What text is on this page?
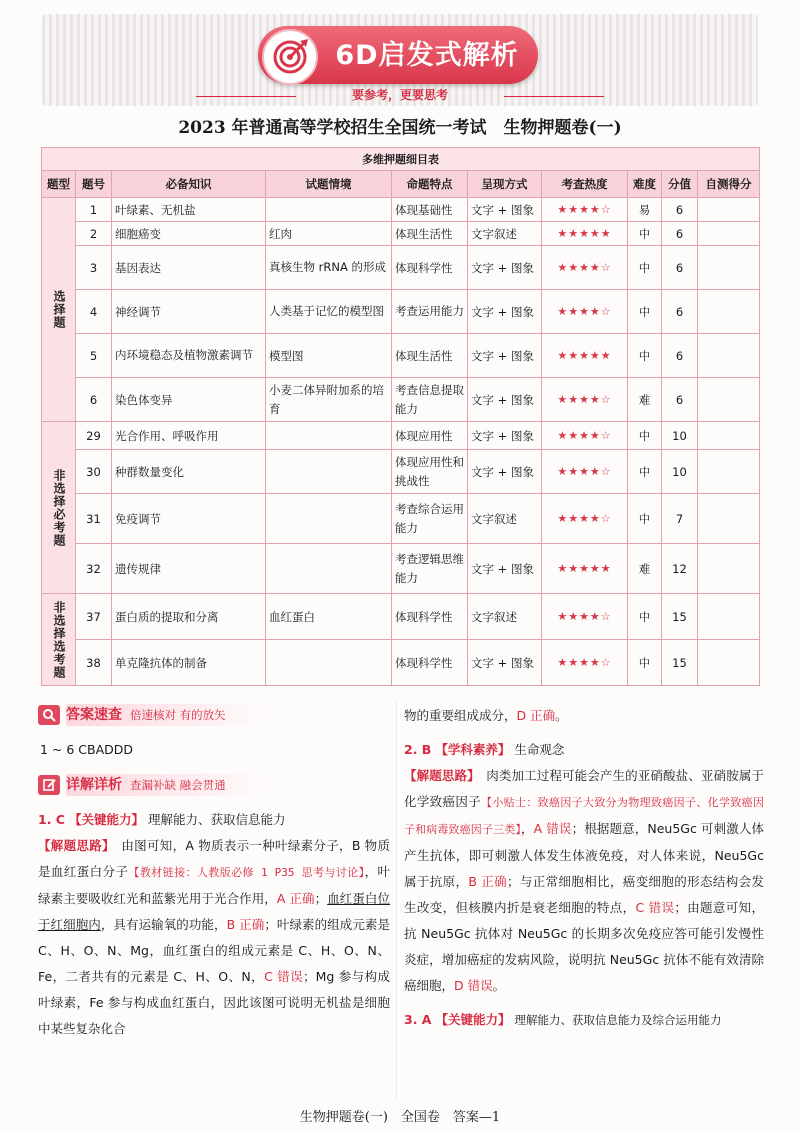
6D启发式解析
要参考，更要思考
2023 年普通高等学校招生全国统一考试　生物押题卷(一)
多维押题细目表									
题型	题号	必备知识	试题情境	命题特点	呈现方式	考查热度	难度	分值	自测得分

选择题	1	叶绿素、无机盐		体现基础性	文字 + 图象	★★★★☆	易	6	
	2	细胞癌变	红肉	体现生活性	文字叙述	★★★★★	中	6	
	3	基因表达	真核生物 rRNA 的形成	体现科学性	文字 + 图象	★★★★☆	中	6	
	4	神经调节	人类基于记忆的模型图	考查运用能力	文字 + 图象	★★★★☆	中	6	
	5	内环境稳态及植物激素调节	模型图	体现生活性	文字 + 图象	★★★★★	中	6	
	6	染色体变异	小麦二体异附加系的培育	考查信息提取能力	文字 + 图象	★★★★☆	难	6	

非选择必考题	29	光合作用、呼吸作用		体现应用性	文字 + 图象	★★★★☆	中	10	
	30	种群数量变化		体现应用性和挑战性	文字 + 图象	★★★★☆	中	10	
	31	免疫调节		考查综合运用能力	文字叙述	★★★★☆	中	7	
	32	遗传规律		考查逻辑思维能力	文字 + 图象	★★★★★	难	12	

非选择选考题	37	蛋白质的提取和分离	血红蛋白	体现科学性	文字叙述	★★★★☆	中	15	
	38	单克隆抗体的制备		体现科学性	文字 + 图象	★★★★☆	中	15	
答案速查 倍速核对 有的放矢
1 ~ 6 CBADDD
详解详析 查漏补缺 融会贯通
1. C 【关键能力】 理解能力、获取信息能力
【解题思路】　 由图可知，A 物质表示一种叶绿素分子，B 物质是血红蛋白分子【教材链接：人教版必修 1 P35 思考与讨论】，叶绿素主要吸收红光和蓝紫光用于光合作用，A 正确；血红蛋白位于红细胞内，具有运输氧的功能，B 正确；叶绿素的组成元素是 C、H、O、N、Mg，血红蛋白的组成元素是 C、H、O、N、Fe，二者共有的元素是 C、H、O、N，C 错误；Mg 参与构成叶绿素，Fe 参与构成血红蛋白，因此该图可说明无机盐是细胞中某些复杂化合
物的重要组成成分，D 正确。
2. B 【学科素养】 生命观念
【解题思路】　 肉类加工过程可能会产生的亚硝酸盐、亚硝胺属于化学致癌因子【小贴士：致癌因子大致分为物理致癌因子、化学致癌因子和病毒致癌因子三类】，A 错误；根据题意，Neu5Gc 可刺激人体产生抗体，即可刺激人体发生体液免疫，对人体来说，Neu5Gc 属于抗原，B 正确；与正常细胞相比，癌变细胞的形态结构会发生改变，但核膜内折是衰老细胞的特点，C 错误；由题意可知，抗 Neu5Gc 抗体对 Neu5Gc 的长期多次免疫应答可能引发慢性炎症，增加癌症的发病风险，说明抗 Neu5Gc 抗体不能有效清除癌细胞，D 错误。
3. A 【关键能力】 理解能力、获取信息能力及综合运用能力
生物押题卷(一)　全国卷　答案—1
